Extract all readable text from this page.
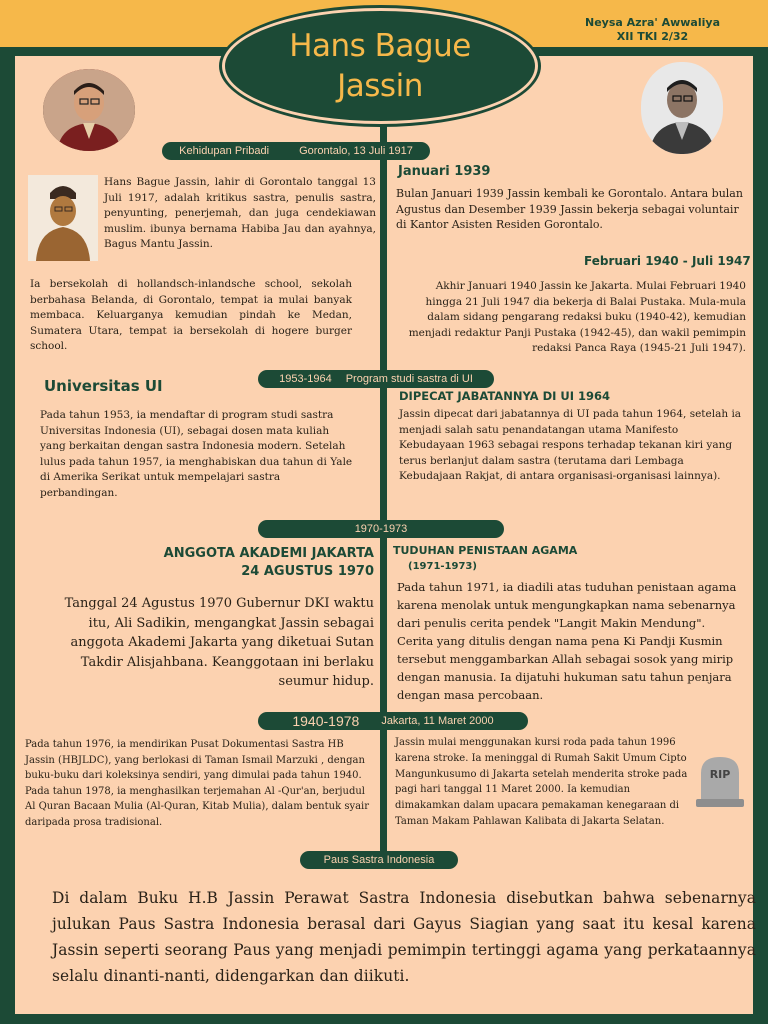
Neysa Azra' Awwaliya
XII TKI 2/32
Hans Bague
Jassin
Kehidupan Pribadi	Gorontalo, 13 Juli 1917
Hans Bague Jassin, lahir di Gorontalo tanggal 13 Juli 1917, adalah kritikus sastra, penulis sastra, penyunting, penerjemah, dan juga cendekiawan muslim. ibunya bernama Habiba Jau dan ayahnya, Bagus Mantu Jassin.
Ia bersekolah di hollandsch-inlandsche school, sekolah berbahasa Belanda, di Gorontalo, tempat ia mulai banyak membaca. Keluarganya kemudian pindah ke Medan, Sumatera Utara, tempat ia bersekolah di hogere burger school.
Januari 1939
Bulan Januari 1939 Jassin kembali ke Gorontalo. Antara bulan Agustus dan Desember 1939 Jassin bekerja sebagai voluntair di Kantor Asisten Residen Gorontalo.
Februari 1940 - Juli 1947
Akhir Januari 1940 Jassin ke Jakarta. Mulai Februari 1940 hingga 21 Juli 1947 dia bekerja di Balai Pustaka. Mula-mula dalam sidang pengarang redaksi buku (1940-42), kemudian menjadi redaktur Panji Pustaka (1942-45), dan wakil pemimpin redaksi Panca Raya (1945-21 Juli 1947).
1953-1964 Program studi sastra di UI
Universitas UI
Pada tahun 1953, ia mendaftar di program studi sastra Universitas Indonesia (UI), sebagai dosen mata kuliah yang berkaitan dengan sastra Indonesia modern. Setelah lulus pada tahun 1957, ia menghabiskan dua tahun di Yale di Amerika Serikat untuk mempelajari sastra perbandingan.
DIPECAT JABATANNYA DI UI 1964
Jassin dipecat dari jabatannya di UI pada tahun 1964, setelah ia menjadi salah satu penandatangan utama Manifesto Kebudayaan 1963 sebagai respons terhadap tekanan kiri yang terus berlanjut dalam sastra (terutama dari Lembaga Kebudajaan Rakjat, di antara organisasi-organisasi lainnya).
1970-1973
ANGGOTA AKADEMI JAKARTA
24 AGUSTUS 1970
Tanggal 24 Agustus 1970 Gubernur DKI waktu itu, Ali Sadikin, mengangkat Jassin sebagai anggota Akademi Jakarta yang diketuai Sutan Takdir Alisjahbana. Keanggotaan ini berlaku seumur hidup.
TUDUHAN PENISTAAN AGAMA
(1971-1973)
Pada tahun 1971, ia diadili atas tuduhan penistaan agama karena menolak untuk mengungkapkan nama sebenarnya dari penulis cerita pendek "Langit Makin Mendung". Cerita yang ditulis dengan nama pena Ki Pandji Kusmin tersebut menggambarkan Allah sebagai sosok yang mirip dengan manusia. Ia dijatuhi hukuman satu tahun penjara dengan masa percobaan.
1940-1978 Jakarta, 11 Maret 2000
Pada tahun 1976, ia mendirikan Pusat Dokumentasi Sastra HB Jassin (HBJLDC), yang berlokasi di Taman Ismail Marzuki , dengan buku-buku dari koleksinya sendiri, yang dimulai pada tahun 1940.
Pada tahun 1978, ia menghasilkan terjemahan Al -Qur'an, berjudul Al Quran Bacaan Mulia (Al-Quran, Kitab Mulia), dalam bentuk syair daripada prosa tradisional.
Jassin mulai menggunakan kursi roda pada tahun 1996 karena stroke. Ia meninggal di Rumah Sakit Umum Cipto Mangunkusumo di Jakarta setelah menderita stroke pada pagi hari tanggal 11 Maret 2000. Ia kemudian dimakamkan dalam upacara pemakaman kenegaraan di Taman Makam Pahlawan Kalibata di Jakarta Selatan.
RIP
Paus Sastra Indonesia
Di dalam Buku H.B Jassin Perawat Sastra Indonesia disebutkan bahwa sebenarnya julukan Paus Sastra Indonesia berasal dari Gayus Siagian yang saat itu kesal karena Jassin seperti seorang Paus yang menjadi pemimpin tertinggi agama yang perkataannya selalu dinanti-nanti, didengarkan dan diikuti.
